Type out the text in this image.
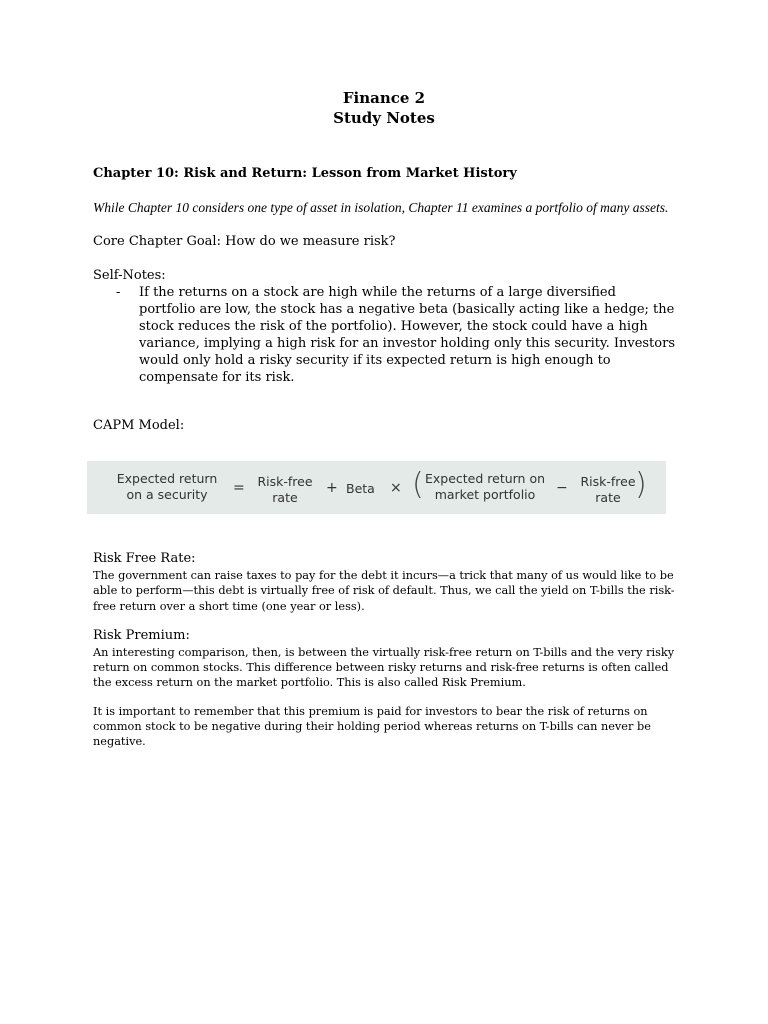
Finance 2

Study Notes

Chapter 10: Risk and Return: Lesson from Market History

While Chapter 10 considers one type of asset in isolation, Chapter 11 examines a portfolio of many assets.

Core Chapter Goal: How do we measure risk?

Self-Notes:

- If the returns on a stock are high while the returns of a large diversified portfolio are low, the stock has a negative beta (basically acting like a hedge; the stock reduces the risk of the portfolio). However, the stock could have a high variance, implying a high risk for an investor holding only this security. Investors would only hold a risky security if its expected return is high enough to compensate for its risk.

CAPM Model:

Expected return
on a security	=	Risk-free
rate
+ Beta × ( Expected return on
market portfolio	−	Risk-free
rate )

Risk Free Rate:

The government can raise taxes to pay for the debt it incurs—a trick that many of us would like to be able to perform—this debt is virtually free of risk of default. Thus, we call the yield on T-bills the risk-free return over a short time (one year or less).

Risk Premium:

An interesting comparison, then, is between the virtually risk-free return on T-bills and the very risky return on common stocks. This difference between risky returns and risk-free returns is often called the excess return on the market portfolio. This is also called Risk Premium.

It is important to remember that this premium is paid for investors to bear the risk of returns on common stock to be negative during their holding period whereas returns on T-bills can never be negative.
